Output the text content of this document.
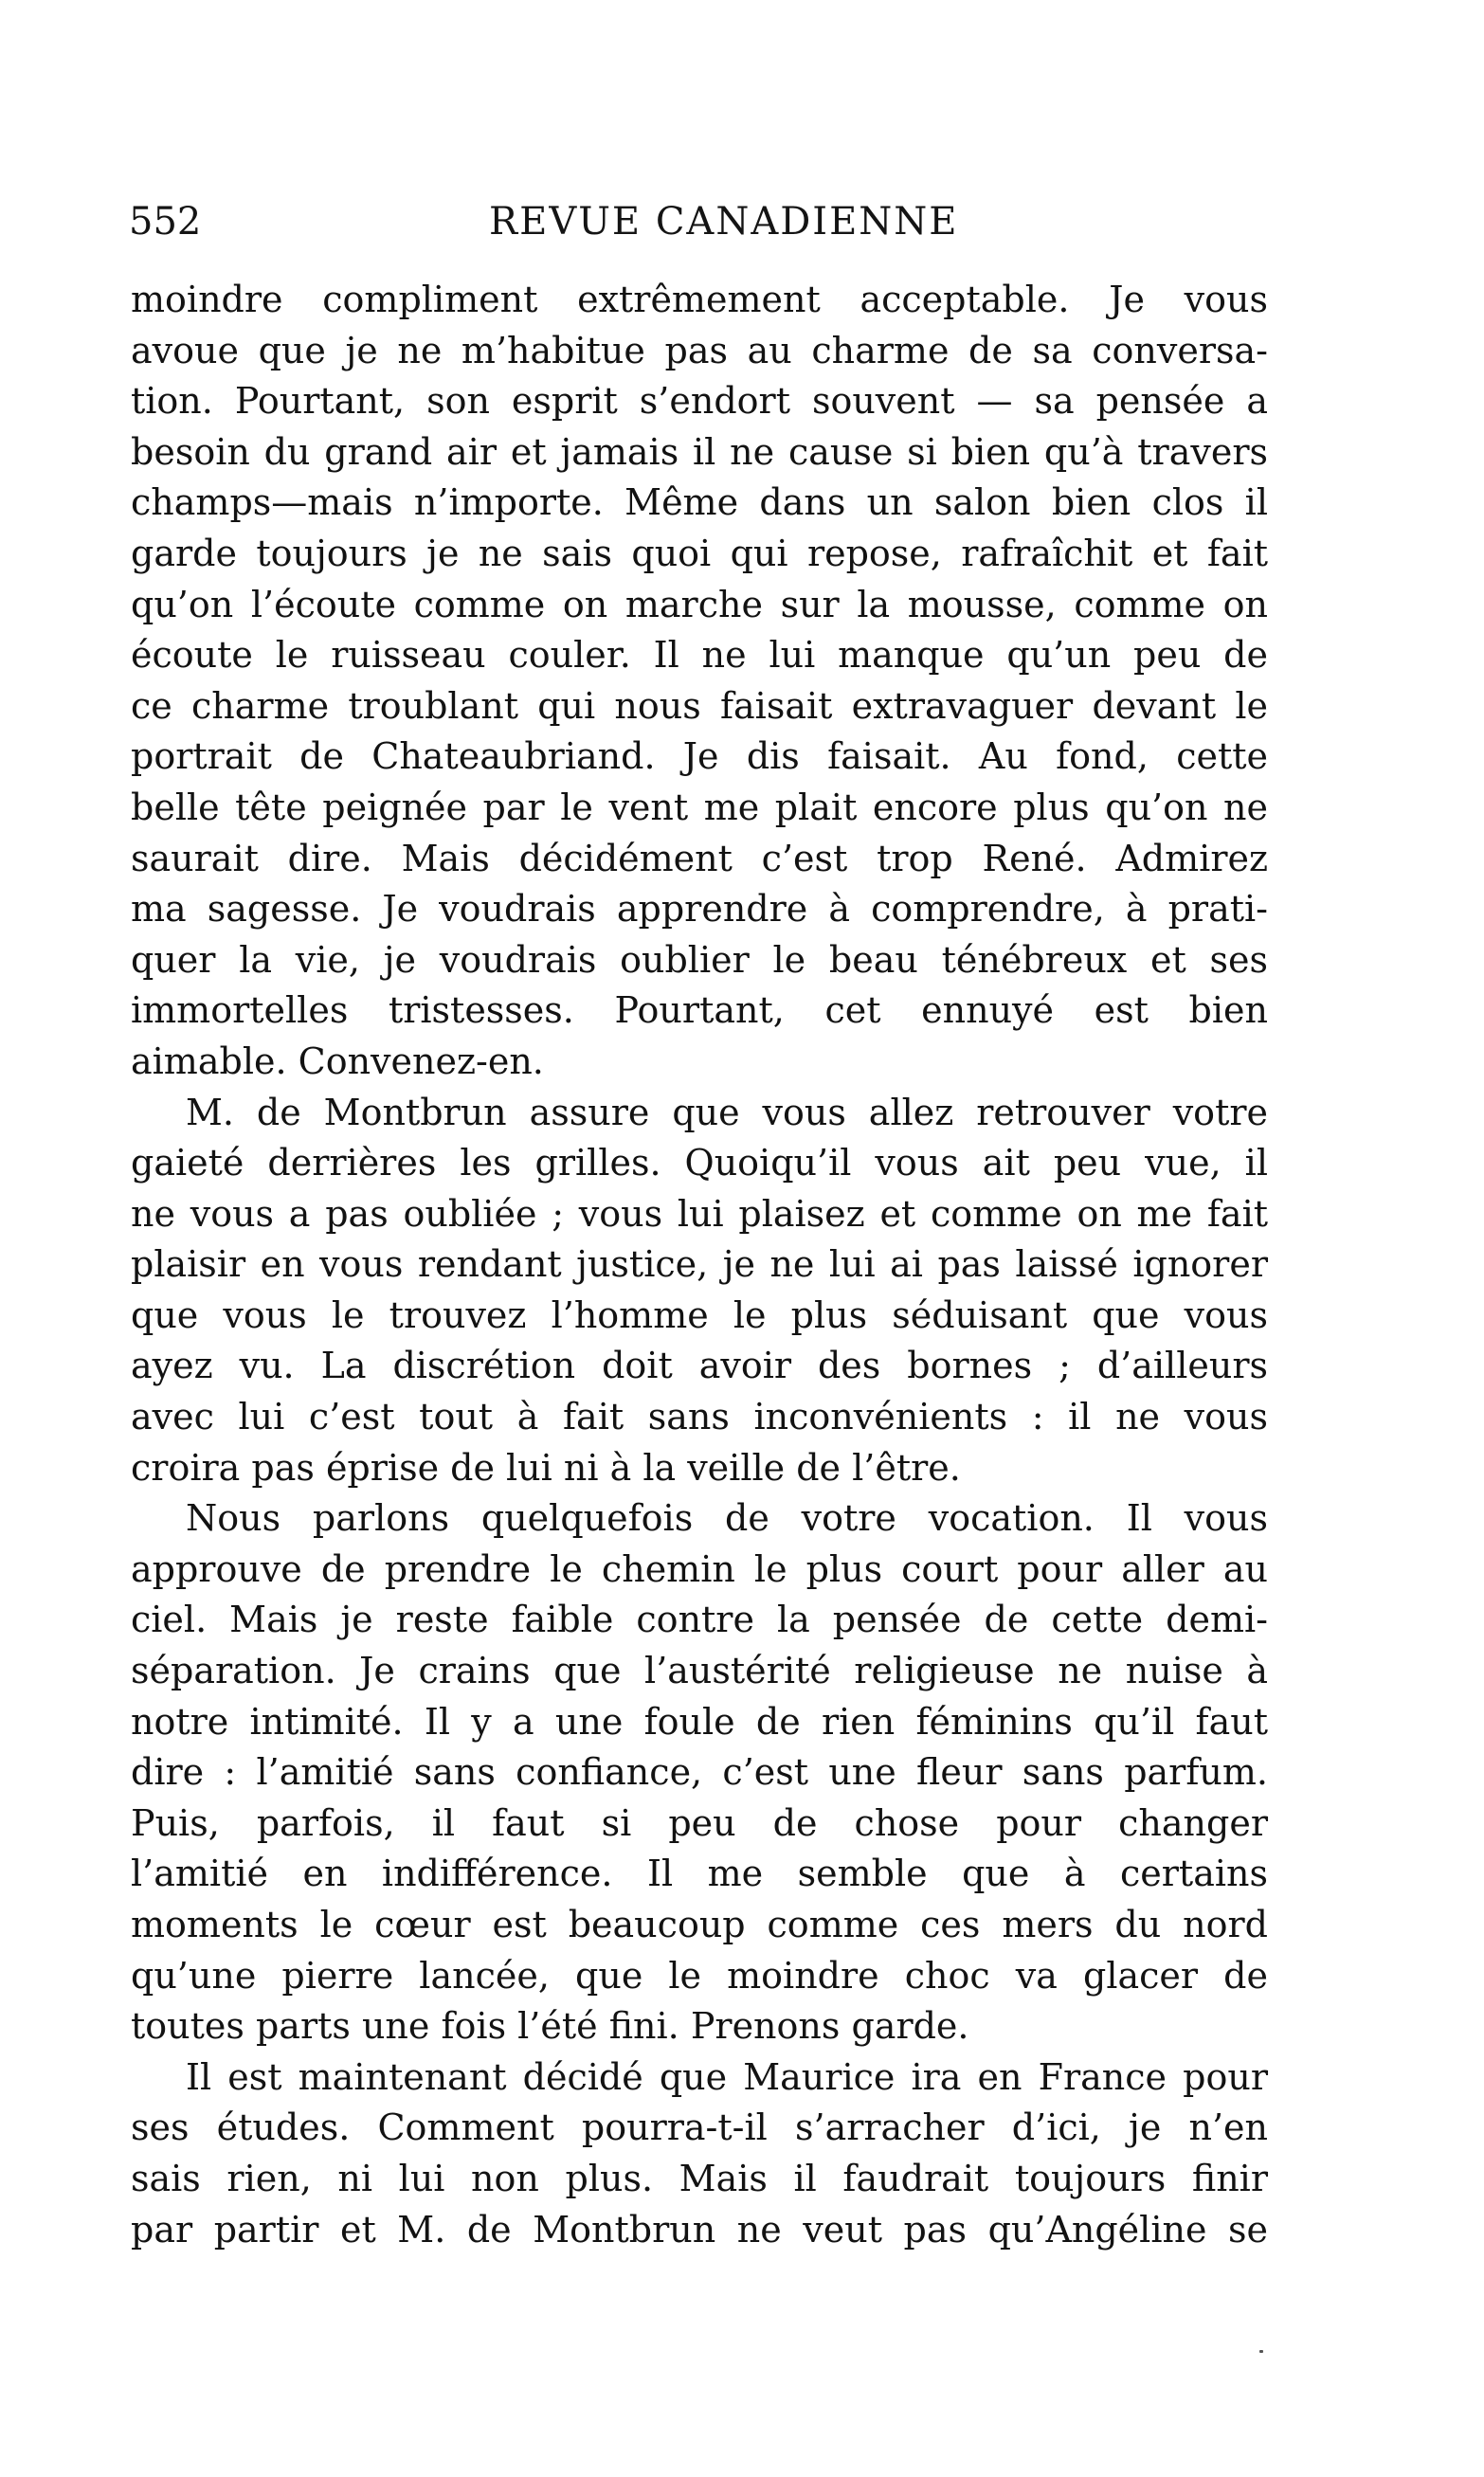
552	REVUE CANADIENNE
moindre compliment extrêmement acceptable. Je vous
avoue que je ne m’habitue pas au charme de sa conversa-
tion. Pourtant, son esprit s’endort souvent — sa pensée a
besoin du grand air et jamais il ne cause si bien qu’à travers
champs—mais n’importe. Même dans un salon bien clos il
garde toujours je ne sais quoi qui repose, rafraîchit et fait
qu’on l’écoute comme on marche sur la mousse, comme on
écoute le ruisseau couler. Il ne lui manque qu’un peu de
ce charme troublant qui nous faisait extravaguer devant le
portrait de Chateaubriand. Je dis faisait. Au fond, cette
belle tête peignée par le vent me plait encore plus qu’on ne
saurait dire. Mais décidément c’est trop René. Admirez
ma sagesse. Je voudrais apprendre à comprendre, à prati-
quer la vie, je voudrais oublier le beau ténébreux et ses
immortelles tristesses. Pourtant, cet ennuyé est bien
aimable. Convenez-en.
M. de Montbrun assure que vous allez retrouver votre
gaieté derrières les grilles. Quoiqu’il vous ait peu vue, il
ne vous a pas oubliée ; vous lui plaisez et comme on me fait
plaisir en vous rendant justice, je ne lui ai pas laissé ignorer
que vous le trouvez l’homme le plus séduisant que vous
ayez vu. La discrétion doit avoir des bornes ; d’ailleurs
avec lui c’est tout à fait sans inconvénients : il ne vous
croira pas éprise de lui ni à la veille de l’être.
Nous parlons quelquefois de votre vocation. Il vous
approuve de prendre le chemin le plus court pour aller au
ciel. Mais je reste faible contre la pensée de cette demi-
séparation. Je crains que l’austérité religieuse ne nuise à
notre intimité. Il y a une foule de rien féminins qu’il faut
dire : l’amitié sans confiance, c’est une fleur sans parfum.
Puis, parfois, il faut si peu de chose pour changer
l’amitié en indifférence. Il me semble que à certains
moments le cœur est beaucoup comme ces mers du nord
qu’une pierre lancée, que le moindre choc va glacer de
toutes parts une fois l’été fini. Prenons garde.
Il est maintenant décidé que Maurice ira en France pour
ses études. Comment pourra-t-il s’arracher d’ici, je n’en
sais rien, ni lui non plus. Mais il faudrait toujours finir
par partir et M. de Montbrun ne veut pas qu’Angéline se
